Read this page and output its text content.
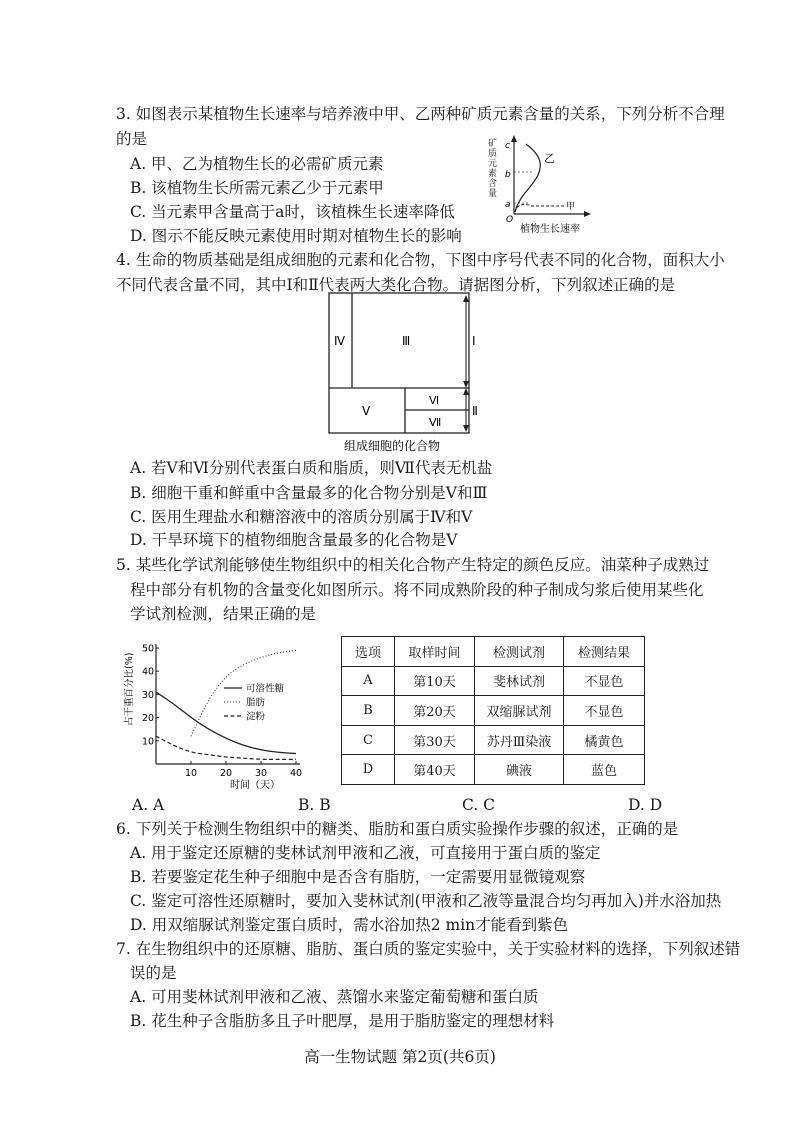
3. 如图表示某植物生长速率与培养液中甲、乙两种矿质元素含量的关系，下列分析不合理
的是
A. 甲、乙为植物生长的必需矿质元素
B. 该植物生长所需元素乙少于元素甲
C. 当元素甲含量高于a时，该植株生长速率降低
D. 图示不能反映元素使用时期对植物生长的影响
矿
质
元
素
含
量
c
b
a
O
乙
甲
植物生长速率
4. 生命的物质基础是组成细胞的元素和化合物，下图中序号代表不同的化合物，面积大小
不同代表含量不同，其中Ⅰ和Ⅱ代表两大类化合物。请据图分析，下列叙述正确的是
Ⅳ	Ⅲ
Ⅴ
Ⅵ
Ⅶ
Ⅰ
Ⅱ
组成细胞的化合物
A. 若Ⅴ和Ⅵ分别代表蛋白质和脂质，则Ⅶ代表无机盐
B. 细胞干重和鲜重中含量最多的化合物分别是Ⅴ和Ⅲ
C. 医用生理盐水和糖溶液中的溶质分别属于Ⅳ和Ⅴ
D. 干旱环境下的植物细胞含量最多的化合物是Ⅴ
5. 某些化学试剂能够使生物组织中的相关化合物产生特定的颜色反应。油菜种子成熟过
程中部分有机物的含量变化如图所示。将不同成熟阶段的种子制成匀浆后使用某些化
学试剂检测，结果正确的是
占干重百分比(%)
10
20
30
40
50
10 20 30 40
可溶性糖
脂肪
淀粉
时间（天）
选项	取样时间	检测试剂	检测结果
A	第10天	斐林试剂	不显色
B	第20天	双缩脲试剂	不显色
C	第30天	苏丹Ⅲ染液	橘黄色
D	第40天	碘液	蓝色
A. A	B. B	C. C	D. D
6. 下列关于检测生物组织中的糖类、脂肪和蛋白质实验操作步骤的叙述，正确的是
A. 用于鉴定还原糖的斐林试剂甲液和乙液，可直接用于蛋白质的鉴定
B. 若要鉴定花生种子细胞中是否含有脂肪，一定需要用显微镜观察
C. 鉴定可溶性还原糖时，要加入斐林试剂(甲液和乙液等量混合均匀再加入)并水浴加热
D. 用双缩脲试剂鉴定蛋白质时，需水浴加热2 min才能看到紫色
7. 在生物组织中的还原糖、脂肪、蛋白质的鉴定实验中，关于实验材料的选择，下列叙述错
误的是
A. 可用斐林试剂甲液和乙液、蒸馏水来鉴定葡萄糖和蛋白质
B. 花生种子含脂肪多且子叶肥厚，是用于脂肪鉴定的理想材料
高一生物试题 第2页(共6页)
